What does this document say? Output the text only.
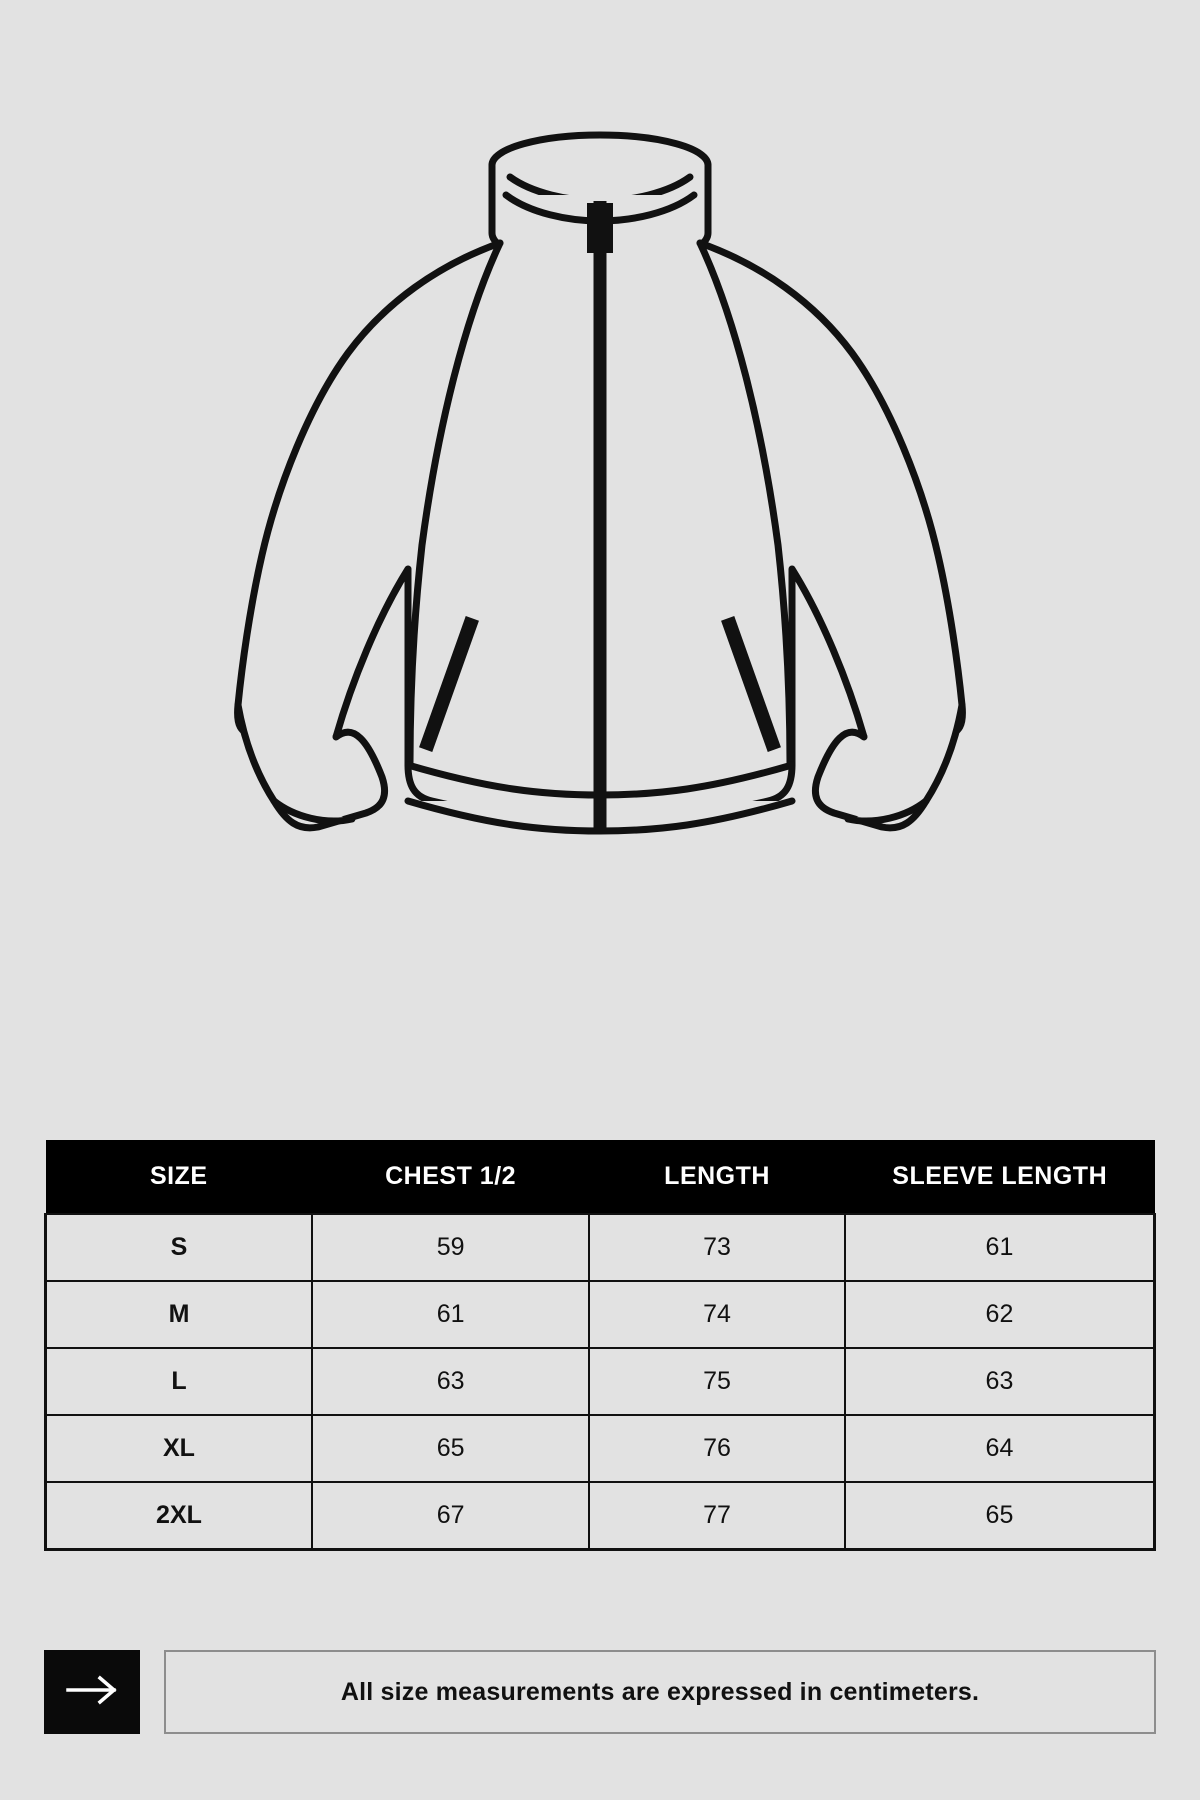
SIZE	CHEST 1/2	LENGTH	SLEEVE LENGTH
S	59	73	61
M	61	74	62
L	63	75	63
XL	65	76	64
2XL	67	77	65
All size measurements are expressed in centimeters.
